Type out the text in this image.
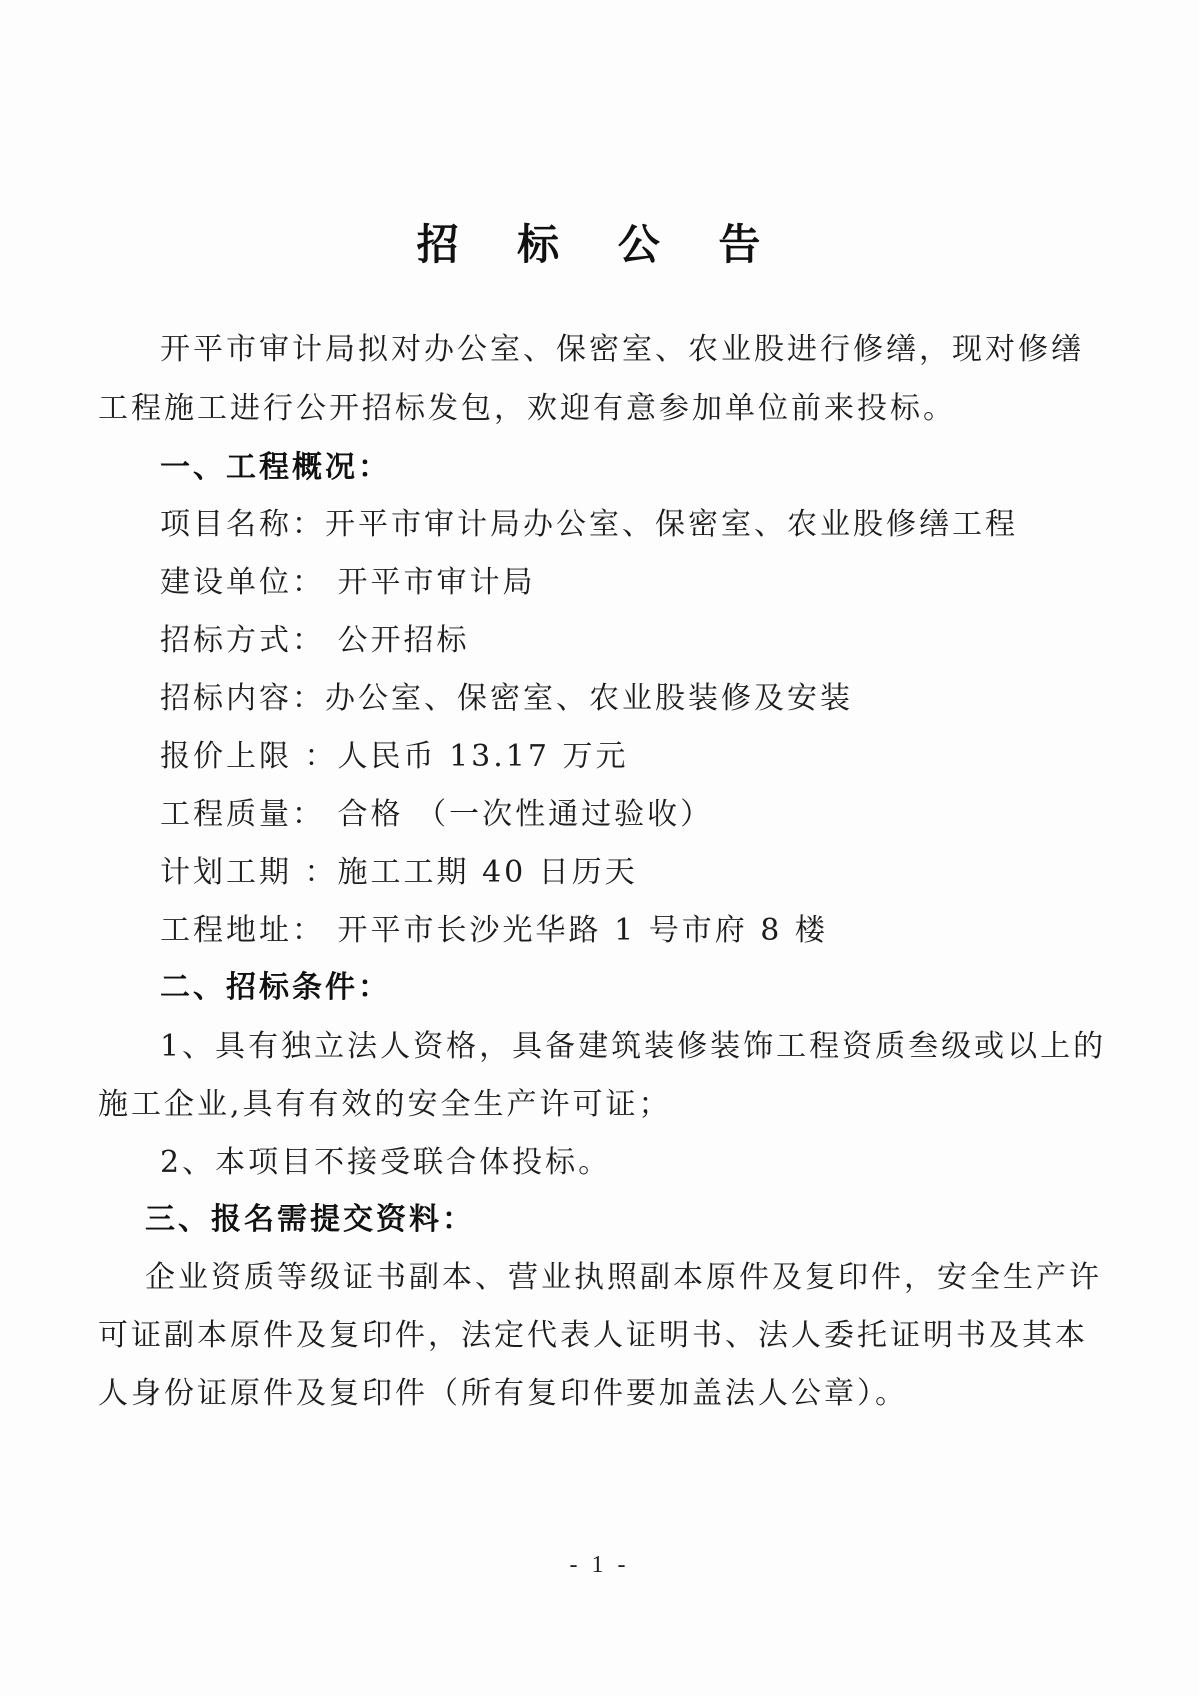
招 标 公 告
开平市审计局拟对办公室、保密室、农业股进行修缮，现对修缮
工程施工进行公开招标发包，欢迎有意参加单位前来投标。
一、工程概况：
项目名称：开平市审计局办公室、保密室、农业股修缮工程
建设单位： 开平市审计局
招标方式： 公开招标
招标内容：办公室、保密室、农业股装修及安装
报价上限 ：人民币 13.17 万元
工程质量： 合格 （一次性通过验收）
计划工期 ：施工工期 40 日历天
工程地址： 开平市长沙光华路 1 号市府 8 楼
二、招标条件：
1、具有独立法人资格，具备建筑装修装饰工程资质叁级或以上的
施工企业,具有有效的安全生产许可证；
2、本项目不接受联合体投标。
三、报名需提交资料：
企业资质等级证书副本、营业执照副本原件及复印件，安全生产许
可证副本原件及复印件，法定代表人证明书、法人委托证明书及其本
人身份证原件及复印件（所有复印件要加盖法人公章）。
- 1 -
